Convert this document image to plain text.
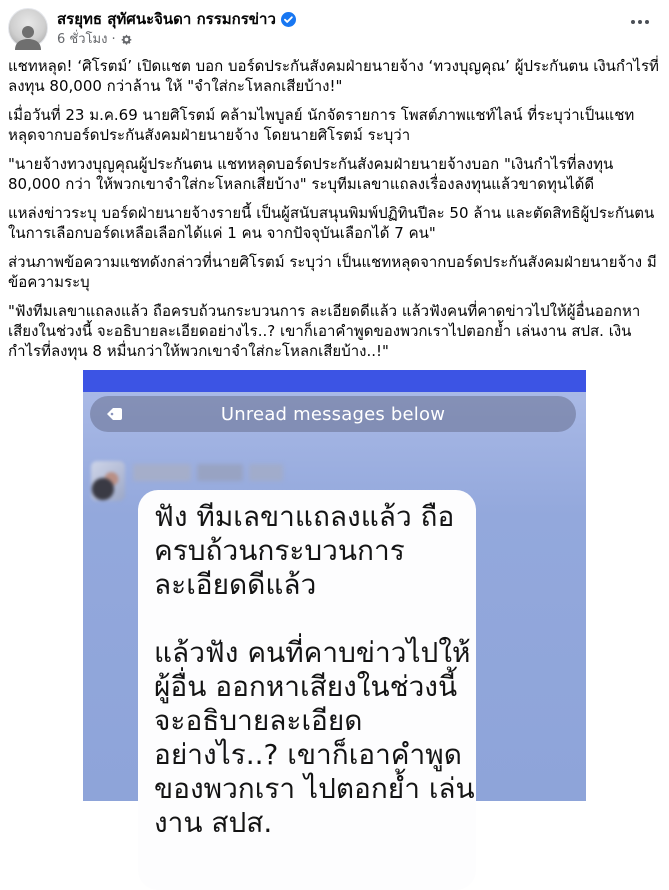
สรยุทธ สุทัศนะจินดา กรรมกรข่าว
6 ชั่วโมง ·

แชทหลุด! ‘ศิโรตม์’ เปิดแชต บอก บอร์ดประกันสังคมฝ่ายนายจ้าง ‘ทวงบุญคุณ’ ผู้ประกันตน เงินกำไรที่ลงทุน 80,000 กว่าล้าน ให้ "จำใส่กะโหลกเสียบ้าง!"

เมื่อวันที่ 23 ม.ค.69 นายศิโรตม์ คล้ามไพบูลย์ นักจัดรายการ โพสต์ภาพแชท์ไลน์ ที่ระบุว่าเป็นแชทหลุดจากบอร์ดประกันสังคมฝ่ายนายจ้าง โดยนายศิโรตม์ ระบุว่า

"นายจ้างทวงบุญคุณผู้ประกันตน แชทหลุดบอร์ดประกันสังคมฝ่ายนายจ้างบอก "เงินกำไรที่ลงทุน 80,000 กว่า ให้พวกเขาจำใส่กะโหลกเสียบ้าง" ระบุทีมเลขาแถลงเรื่องลงทุนแล้วขาดทุนได้ดี

แหล่งข่าวระบุ บอร์ดฝ่ายนายจ้างรายนี้ เป็นผู้สนับสนุนพิมพ์ปฏิทินปีละ 50 ล้าน และตัดสิทธิผู้ประกันตนในการเลือกบอร์ดเหลือเลือกได้แค่ 1 คน จากปัจจุบันเลือกได้ 7 คน"

ส่วนภาพข้อความแชทดังกล่าวที่นายศิโรตม์ ระบุว่า เป็นแชทหลุดจากบอร์ดประกันสังคมฝ่ายนายจ้าง มีข้อความระบุ

"ฟังทีมเลขาแถลงแล้ว ถือครบถ้วนกระบวนการ ละเอียดดีแล้ว แล้วฟังคนที่คาดข่าวไปให้ผู้อื่นออกหาเสียงในช่วงนี้ จะอธิบายละเอียดอย่างไร..? เขาก็เอาคำพูดของพวกเราไปตอกย้ำ เล่นงาน สปส. เงินกำไรที่ลงทุน 8 หมื่นกว่าให้พวกเขาจำใส่กะโหลกเสียบ้าง..!"

Unread messages below
ฟัง ทีมเลขาแถลงแล้ว ถือ
ครบถ้วนกระบวนการ
ละเอียดดีแล้ว
แล้วฟัง คนที่คาบข่าวไปให้
ผู้อื่น ออกหาเสียงในช่วงนี้
จะอธิบายละเอียด
อย่างไร..? เขาก็เอาคำพูด
ของพวกเรา ไปตอกย้ำ เล่น
งาน สปส.
